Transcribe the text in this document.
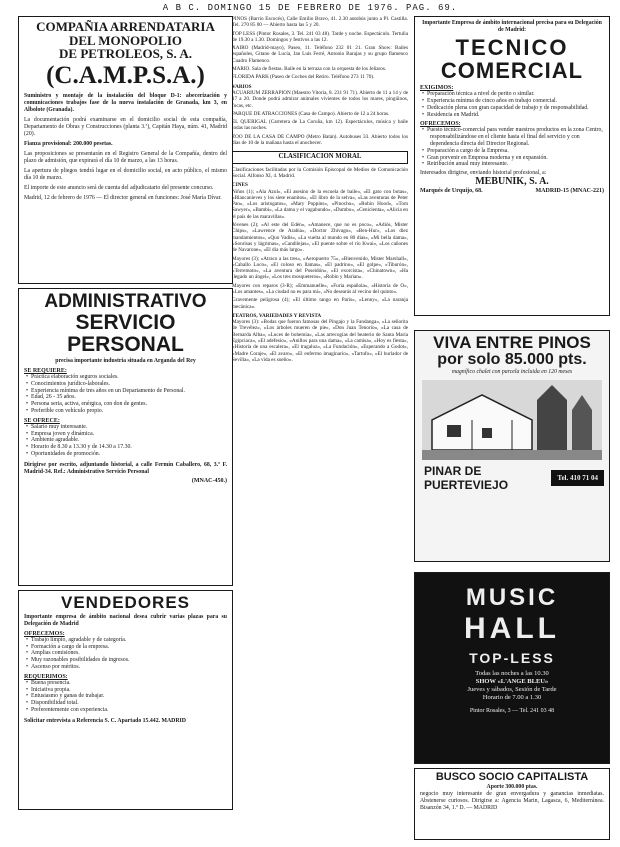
A B C. DOMINGO 15 DE FEBRERO DE 1976. PAG. 69.
COMPAÑIA ARRENDATARIA
DEL MONOPOLIO
DE PETROLEOS, S. A.
(C.A.M.P.S.A.)

Suministro y montaje de la instalación del bloque D-1: abecerización y comunicaciones trabajos fase de la nueva instalación de Granada, km 3, en Albolote (Granada).

La documentación podrá examinarse en el domicilio social de esta compañía, Departamento de Obras y Construcciones (planta 3.ª), Capitán Haya, núm. 41, Madrid (20).

Fianza provisional: 200.000 pesetas.

Las proposiciones se presentarán en el Registro General de la Compañía, dentro del plazo de admisión, que expirará el día 10 de marzo, a las 13 horas.

La apertura de pliegos tendrá lugar en el domicilio social, en acto público, el mismo día 10 de marzo.

El importe de este anuncio será de cuenta del adjudicatario del presente concurso.

Madrid, 12 de febrero de 1976 — El director general en funciones: José María Dívar.

ADMINISTRATIVO
SERVICIO PERSONAL
precisa importante industria situada en Arganda del Rey
SE REQUIERE:
• Práctica elaboración seguros sociales.
• Conocimientos jurídico-laborales.
• Experiencia mínima de tres años en un Departamento de Personal.
• Edad, 26 - 35 años.
• Persona seria, activa, enérgica, con don de gentes.
• Preferible con vehículo propio.
SE OFRECE:
• Salario muy interesante.
• Empresa joven y dinámica.
• Ambiente agradable.
• Horario de 8.30 a 13.30 y de 14.30 a 17.30.
• Oportunidades de promoción.
Dirigirse por escrito, adjuntando historial, a calle Fermín Caballero, 68, 3.º F. Madrid-34. Ref.: Administrativo Servicio Personal
(MNAC-450.)
VENDEDORES
Importante empresa de ámbito nacional desea cubrir varias plazas para su Delegación de Madrid
OFRECEMOS:
• Trabajo limpio, agradable y de categoría.
• Formación a cargo de la empresa.
• Amplias comisiones.
• Muy razonables posibilidades de ingresos.
• Ascenso por méritos.
REQUERIMOS:
• Buena presencia.
• Iniciativa propia.
• Entusiasmo y ganas de trabajar.
• Disponibilidad total.
• Preferentemente con experiencia.
Solicitar entrevista a Referencia S. C. Apartado 15.442. MADRID

PINOS (Barrio Escocés), Calle Emilio Bravo, 41. 2.30 autobús junto a Pl. Castilla. Tel. 270 85 00 — Abierto hasta las 5 y 20.

TOP LESS (Pintor Rosales, 3. Tel. 241 03 48). Tarde y noche. Espectáculo. Tertulia de 19.30 a 1.30. Domingos y festivos a las 12.

XAIRO (Madrid-mayo), Paseo, 11. Teléfono 232 01 21. Gran Show: Bailes españoles, Gitano de Lucía, Jan Luis Ferré, Antonio Barajas y su grupo flamenco Cuadro Flamenco.

MARIO. Sala de fiestas. Baile en la terraza con la orquesta de los Jeñaros.

FLORIDA PARK (Paseo de Coches del Retiro. Teléfono 273 11 70).

VARIOS

ACUARIUM ZERRAPION (Maestro Vitoria, 8. 231 91 71). Abierto de 11 a 14 y de 17 a 20. Donde podrá admirar animales vivientes de todos los mares, pingüinos, focas, etc.

PARQUE DE ATRACCIONES (Casa de Campo). Abierto de 12 a 24 horas.

EL QUERIGAL (Carretera de La Coruña, km 12). Espectáculos, música y baile todas las noches.

ZOO DE LA CASA DE CAMPO (Metro Batán). Autobuses 33. Abierto todos los días de 10 de la mañana hasta el anochecer.

CLASIFICACION MORAL

Clasificaciones facilitadas por la Comisión Episcopal de Medios de Comunicación Social. Alfonso XI, 4. Madrid.

CINES

Niños (1); «Ala Azul», «El asesino de la escuela de baile», «El gato con botas», «Blancanieves y los siete enanitos», «El libro de la selva», «Las aventuras de Peter Pan», «Los aristogatos», «Mary Poppins», «Pinocho», «Robin Hood», «Tom Sawyer», «Bambi», «La dama y el vagabundo», «Dumbo», «Cenicienta», «Alicia en el país de las maravillas».

Jóvenes (2); «Al este del Edén», «Amanece, que no es poco», «Adiós, Mister Chips», «Lawrence de Arabia», «Doctor Zhivago», «Ben-Hur», «Los diez mandamientos», «Quo Vadis», «La vuelta al mundo en 80 días», «Mi bella dama», «Sonrisas y lágrimas», «Candilejas», «El puente sobre el río Kwai», «Los cañones de Navarone», «El día más largo».

Mayores (3); «Atraco a las tres», «Aeropuerto 75», «Bienvenido, Mister Marshall», «Caballo Loco», «El coloso en llamas», «El padrino», «El golpe», «Tiburón», «Terremoto», «La aventura del Poseidón», «El exorcista», «Chinatown», «Ha llegado un ángel», «Los tres mosqueteros», «Robin y Marian».

Mayores con reparos (3-R); «Emmanuelle», «Furia española», «Historia de O», «Los amantes», «La ciudad no es para mí», «No desearás al vecino del quinto».

Gravemente peligrosa (4); «El último tango en París», «Lenny», «La naranja mecánica».

TEATROS, VARIEDADES Y REVISTA

Mayores (3): «Bodas que fueron famosas del Pingajo y la Fandanga», «La señorita de Trevélez», «Los árboles mueren de pie», «Don Juan Tenorio», «La casa de Bernarda Alba», «Luces de bohemia», «Las arrecogías del beaterio de Santa María Egipciaca», «El adefesio», «Anillos para una dama», «La camisa», «Hoy es fiesta», «Historia de una escalera», «El tragaluz», «La Fundación», «Esperando a Godot», «Madre Coraje», «El avaro», «El enfermo imaginario», «Tartufo», «El burlador de Sevilla», «La vida es sueño».

Importante Empresa de ámbito internacional precisa para su Delegación de Madrid:
TECNICO
COMERCIAL
EXIGIMOS:
• Preparación técnica a nivel de perito o similar.
• Experiencia mínima de cinco años en trabajo comercial.
• Dedicación plena con gran capacidad de trabajo y de responsabilidad.
• Residencia en Madrid.
OFRECEMOS:
• Puesto técnico-comercial para vender nuestros productos en la zona Centro, responsabilizándose en el cliente hasta el final del servicio y con dependencia directa del Director Regional.
• Preparación a cargo de la Empresa.
• Gran porvenir en Empresa moderna y en expansión.
• Retribución anual muy interesante.
Interesados dirigirse, enviando historial profesional, a:
MEBUNIK, S. A.
Marqués de Urquijo, 68.	MADRID-15 (MNAC-221)
VIVA ENTRE PINOS
por solo 85.000 pts.
magnífico chalet con parcela incluida en 120 meses
PINAR DE
PUERTEVIEJO	Tel. 410 71 04
MUSIC
HALL
TOP-LESS
Todas las noches a las 10.30
SHOW «L'ANGE BLEU»
Jueves y sábados, Sesión de Tarde
Horario de 7.00 a 1.30
Pintor Rosales, 3 — Tel. 241 03 48
BUSCO SOCIO CAPITALISTA
Aporte 300.000 ptas.
negocio muy interesante de gran envergadura y ganancias inmediatas. Abstenerse curiosos. Dirigirse a: Agencia Marin, Lagasca, 6, Mediterránea. Bisanzón 34, 1.º D. — MADRID
